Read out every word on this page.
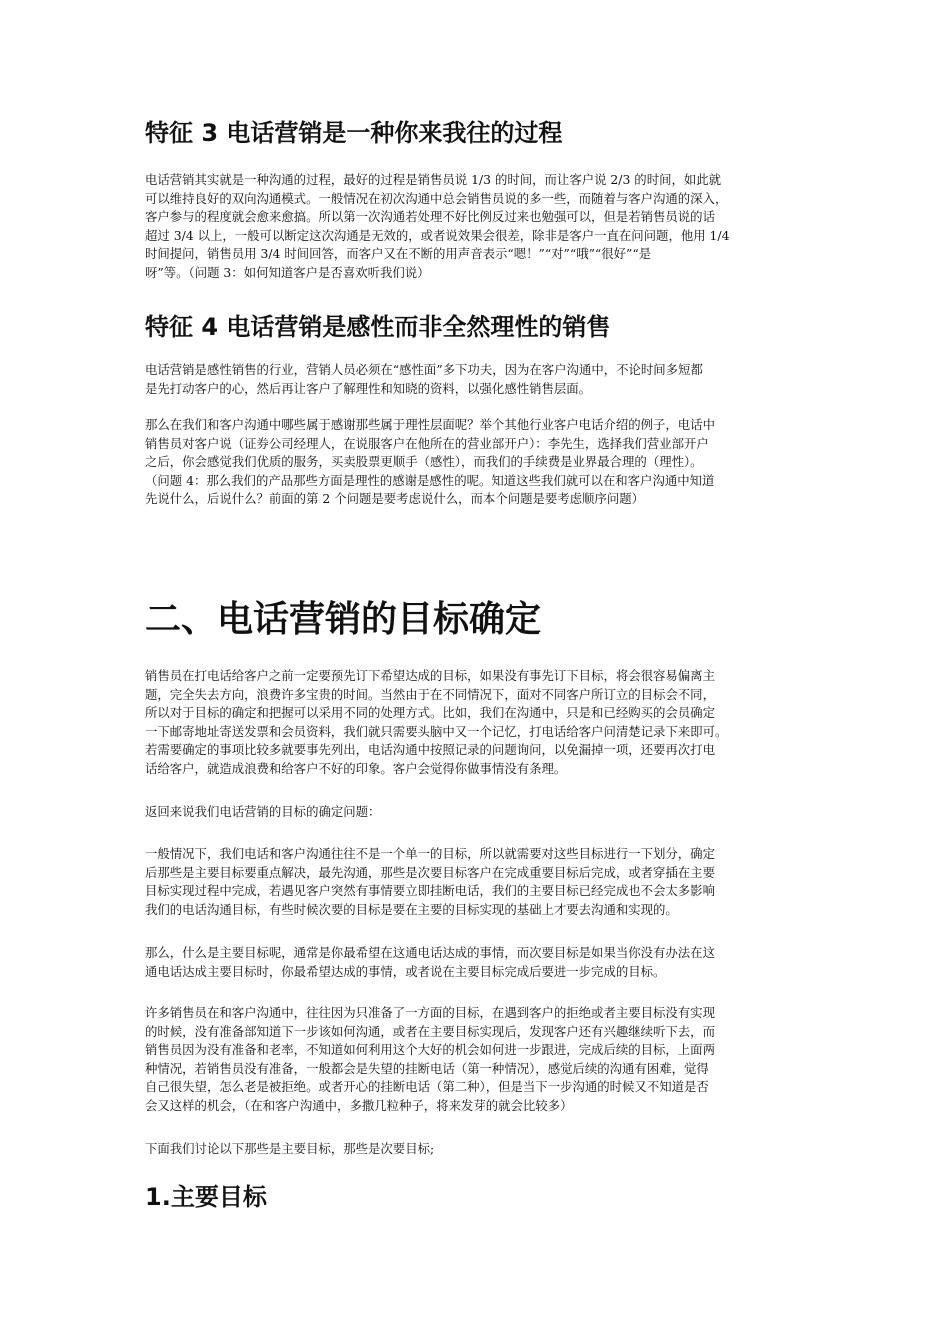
特征 3 电话营销是一种你来我往的过程
电话营销其实就是一种沟通的过程，最好的过程是销售员说 1/3 的时间，而让客户说 2/3 的时间，如此就
可以维持良好的双向沟通模式。一般情况在初次沟通中总会销售员说的多一些，而随着与客户沟通的深入，
客户参与的程度就会愈来愈搞。所以第一次沟通若处理不好比例反过来也勉强可以，但是若销售员说的话
超过 3/4 以上，一般可以断定这次沟通是无效的，或者说效果会很差，除非是客户一直在问问题，他用 1/4
时间提问，销售员用 3/4 时间回答，而客户又在不断的用声音表示“嗯！”“对”“哦”“很好”“是
呀”等。（问题 3：如何知道客户是否喜欢听我们说）
特征 4 电话营销是感性而非全然理性的销售
电话营销是感性销售的行业，营销人员必须在“感性面”多下功夫，因为在客户沟通中，不论时间多短都
是先打动客户的心，然后再让客户了解理性和知晓的资料，以强化感性销售层面。
那么在我们和客户沟通中哪些属于感谢那些属于理性层面呢？举个其他行业客户电话介绍的例子，电话中
销售员对客户说（证券公司经理人，在说服客户在他所在的营业部开户）：李先生，选择我们营业部开户
之后，你会感觉我们优质的服务，买卖股票更顺手（感性），而我们的手续费是业界最合理的（理性）。
（问题 4：那么我们的产品那些方面是理性的感谢是感性的呢。知道这些我们就可以在和客户沟通中知道
先说什么，后说什么？前面的第 2 个问题是要考虑说什么，而本个问题是要考虑顺序问题）
二、电话营销的目标确定
销售员在打电话给客户之前一定要预先订下希望达成的目标，如果没有事先订下目标，将会很容易偏离主
题，完全失去方向，浪费许多宝贵的时间。当然由于在不同情况下，面对不同客户所订立的目标会不同，
所以对于目标的确定和把握可以采用不同的处理方式。比如，我们在沟通中，只是和已经购买的会员确定
一下邮寄地址寄送发票和会员资料，我们就只需要头脑中又一个记忆，打电话给客户问清楚记录下来即可。
若需要确定的事项比较多就要事先列出，电话沟通中按照记录的问题询问，以免漏掉一项，还要再次打电
话给客户，就造成浪费和给客户不好的印象。客户会觉得你做事情没有条理。
返回来说我们电话营销的目标的确定问题：
一般情况下，我们电话和客户沟通往往不是一个单一的目标，所以就需要对这些目标进行一下划分，确定
后那些是主要目标要重点解决，最先沟通，那些是次要目标客户在完成重要目标后完成，或者穿插在主要
目标实现过程中完成，若遇见客户突然有事情要立即挂断电话，我们的主要目标已经完成也不会太多影响
我们的电话沟通目标，有些时候次要的目标是要在主要的目标实现的基础上才要去沟通和实现的。
那么，什么是主要目标呢，通常是你最希望在这通电话达成的事情，而次要目标是如果当你没有办法在这
通电话达成主要目标时，你最希望达成的事情，或者说在主要目标完成后要进一步完成的目标。
许多销售员在和客户沟通中，往往因为只准备了一方面的目标，在遇到客户的拒绝或者主要目标没有实现
的时候，没有准备部知道下一步该如何沟通，或者在主要目标实现后，发现客户还有兴趣继续听下去，而
销售员因为没有准备和老率，不知道如何利用这个大好的机会如何进一步跟进，完成后续的目标，上面两
种情况，若销售员没有准备，一般都会是失望的挂断电话（第一种情况），感觉后续的沟通有困难，觉得
自己很失望，怎么老是被拒绝。或者开心的挂断电话（第二种），但是当下一步沟通的时候又不知道是否
会又这样的机会，（在和客户沟通中，多撒几粒种子，将来发芽的就会比较多）
下面我们讨论以下那些是主要目标，那些是次要目标;
1.主要目标
